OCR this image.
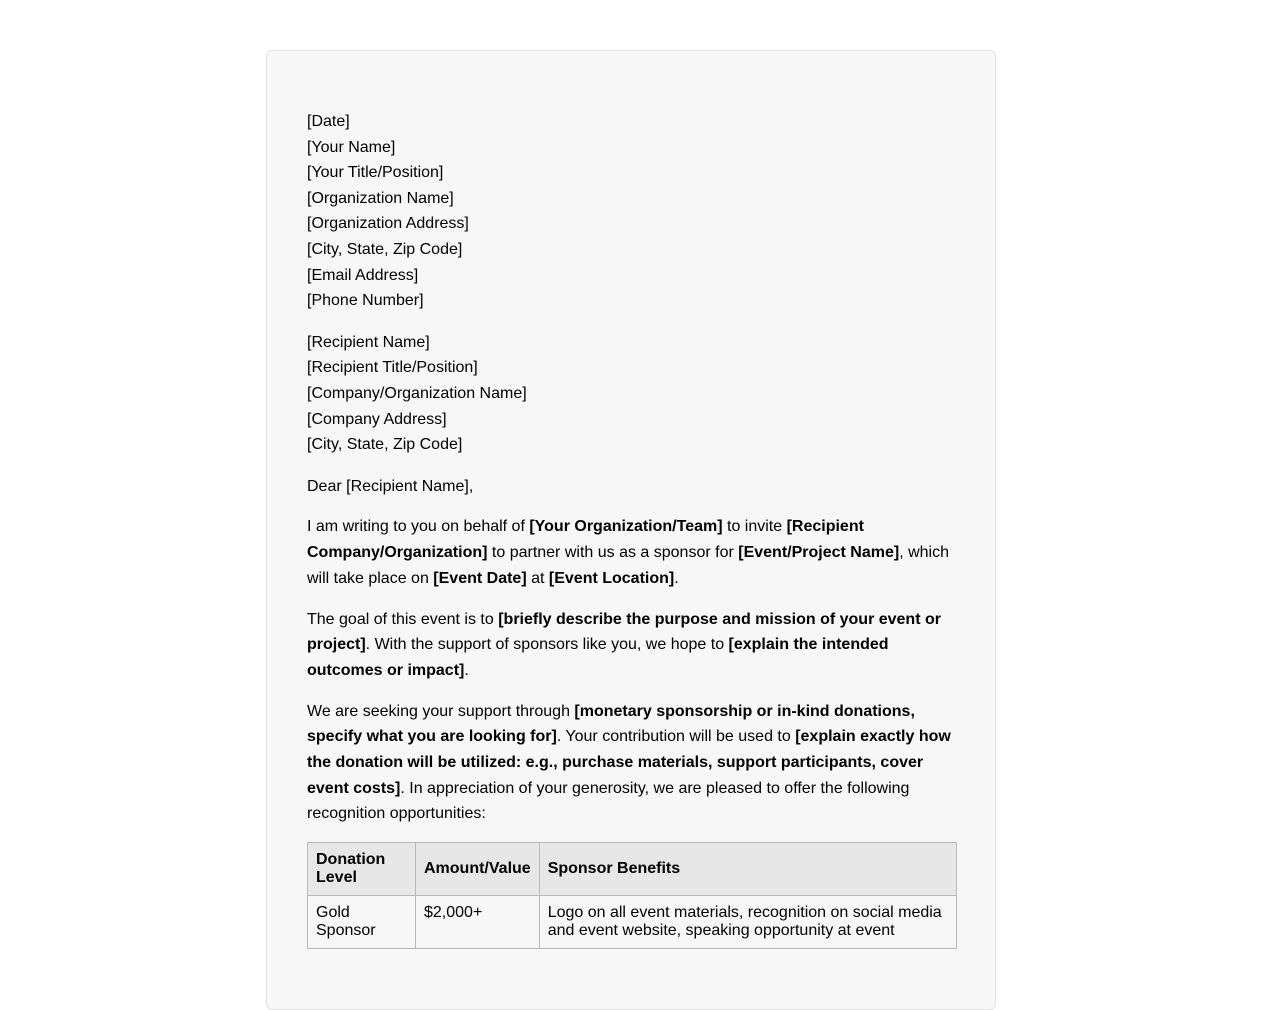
[Date]
[Your Name]
[Your Title/Position]
[Organization Name]
[Organization Address]
[City, State, Zip Code]
[Email Address]
[Phone Number]
[Recipient Name]
[Recipient Title/Position]
[Company/Organization Name]
[Company Address]
[City, State, Zip Code]

Dear [Recipient Name],

I am writing to you on behalf of [Your Organization/Team] to invite [Recipient Company/Organization] to partner with us as a sponsor for [Event/Project Name], which will take place on [Event Date] at [Event Location].

The goal of this event is to [briefly describe the purpose and mission of your event or project]. With the support of sponsors like you, we hope to [explain the intended outcomes or impact].

We are seeking your support through [monetary sponsorship or in-kind donations, specify what you are looking for]. Your contribution will be used to [explain exactly how the donation will be utilized: e.g., purchase materials, support participants, cover event costs]. In appreciation of your generosity, we are pleased to offer the following recognition opportunities:

Donation Level	Amount/Value	Sponsor Benefits
Gold Sponsor	$2,000+	Logo on all event materials, recognition on social media and event website, speaking opportunity at event
